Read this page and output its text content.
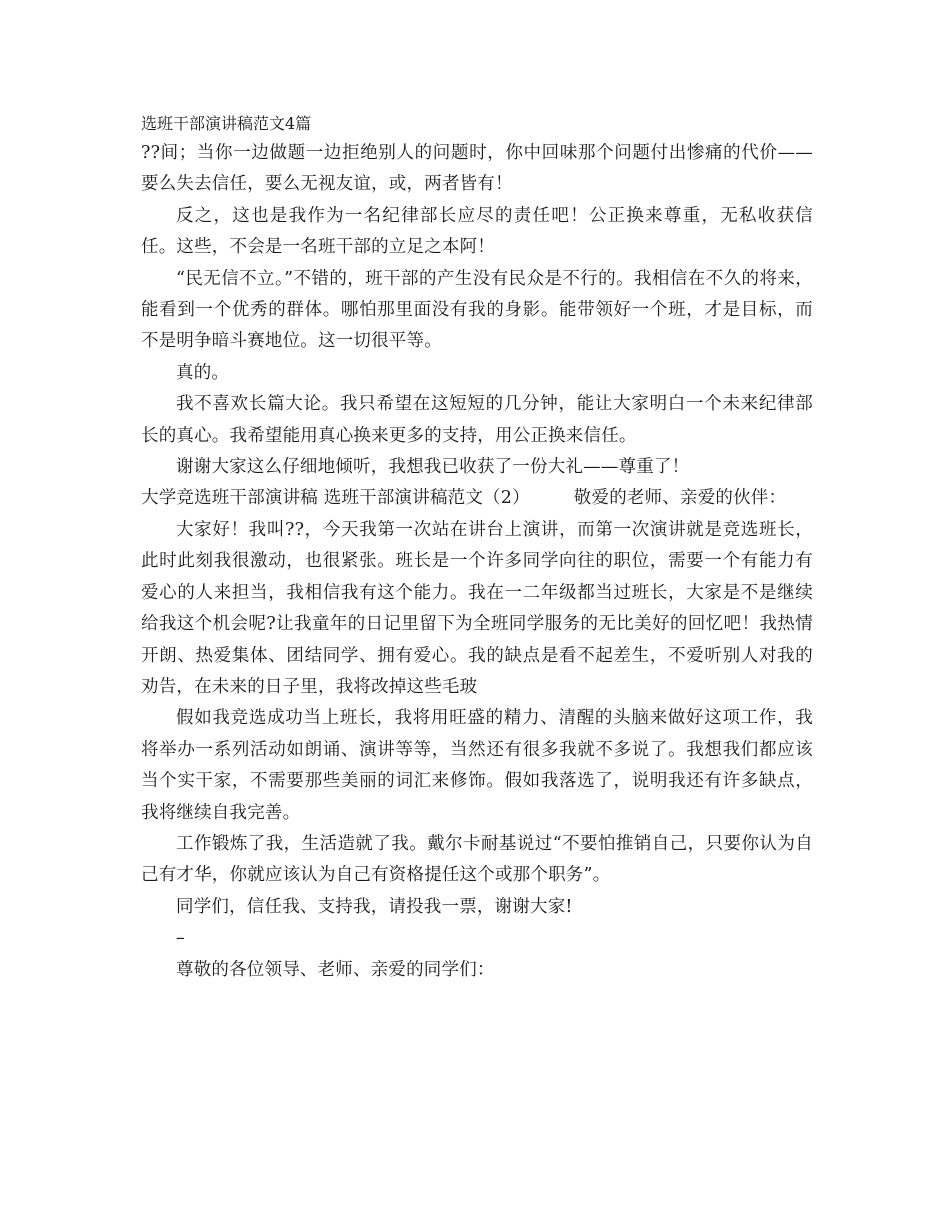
选班干部演讲稿范文4篇

??间；当你一边做题一边拒绝别人的问题时，你中回味那个问题付出惨痛的代价——要么失去信任，要么无视友谊，或，两者皆有！

反之，这也是我作为一名纪律部长应尽的责任吧！公正换来尊重，无私收获信任。这些，不会是一名班干部的立足之本阿！

“民无信不立。”不错的，班干部的产生没有民众是不行的。我相信在不久的将来，能看到一个优秀的群体。哪怕那里面没有我的身影。能带领好一个班，才是目标，而不是明争暗斗赛地位。这一切很平等。

真的。

我不喜欢长篇大论。我只希望在这短短的几分钟，能让大家明白一个未来纪律部长的真心。我希望能用真心换来更多的支持，用公正换来信任。

谢谢大家这么仔细地倾听，我想我已收获了一份大礼——尊重了！

大学竞选班干部演讲稿 选班干部演讲稿范文（2）	敬爱的老师、亲爱的伙伴：

大家好！我叫??，今天我第一次站在讲台上演讲，而第一次演讲就是竞选班长，此时此刻我很激动，也很紧张。班长是一个许多同学向往的职位，需要一个有能力有爱心的人来担当，我相信我有这个能力。我在一二年级都当过班长，大家是不是继续给我这个机会呢?让我童年的日记里留下为全班同学服务的无比美好的回忆吧！我热情开朗、热爱集体、团结同学、拥有爱心。我的缺点是看不起差生，不爱听别人对我的劝告，在未来的日子里，我将改掉这些毛玻

假如我竞选成功当上班长，我将用旺盛的精力、清醒的头脑来做好这项工作，我将举办一系列活动如朗诵、演讲等等，当然还有很多我就不多说了。我想我们都应该当个实干家，不需要那些美丽的词汇来修饰。假如我落选了，说明我还有许多缺点，我将继续自我完善。

工作锻炼了我，生活造就了我。戴尔卡耐基说过“不要怕推销自己，只要你认为自己有才华，你就应该认为自己有资格提任这个或那个职务”。

同学们，信任我、支持我，请投我一票，谢谢大家!

–

尊敬的各位领导、老师、亲爱的同学们：
